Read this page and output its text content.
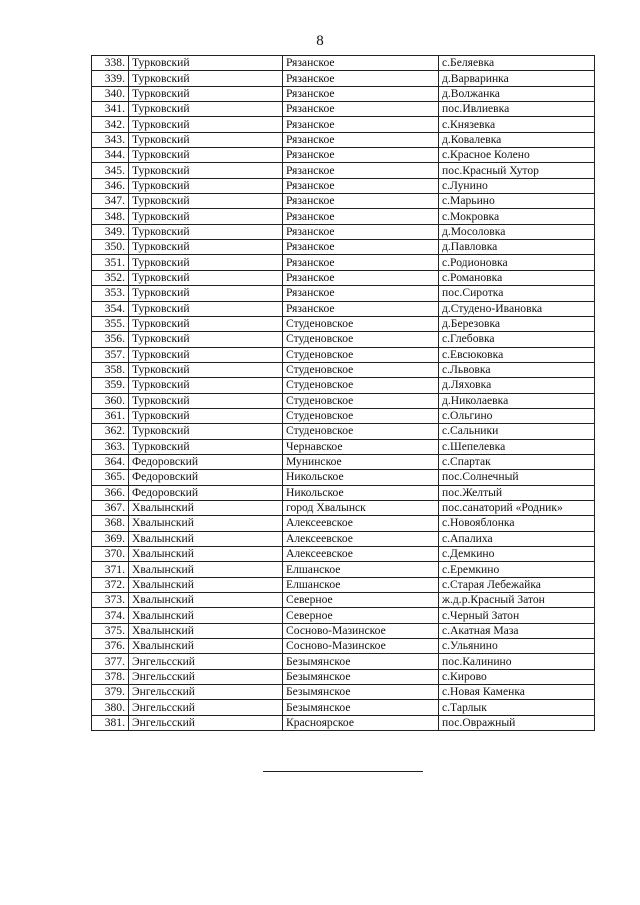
8
338.	Турковский	Рязанское	с.Беляевка
339.	Турковский	Рязанское	д.Варваринка
340.	Турковский	Рязанское	д.Волжанка
341.	Турковский	Рязанское	пос.Ивлиевка
342.	Турковский	Рязанское	с.Князевка
343.	Турковский	Рязанское	д.Ковалевка
344.	Турковский	Рязанское	с.Красное Колено
345.	Турковский	Рязанское	пос.Красный Хутор
346.	Турковский	Рязанское	с.Лунино
347.	Турковский	Рязанское	с.Марьино
348.	Турковский	Рязанское	с.Мокровка
349.	Турковский	Рязанское	д.Мосоловка
350.	Турковский	Рязанское	д.Павловка
351.	Турковский	Рязанское	с.Родионовка
352.	Турковский	Рязанское	с.Романовка
353.	Турковский	Рязанское	пос.Сиротка
354.	Турковский	Рязанское	д.Студено-Ивановка
355.	Турковский	Студеновское	д.Березовка
356.	Турковский	Студеновское	с.Глебовка
357.	Турковский	Студеновское	с.Евсюковка
358.	Турковский	Студеновское	с.Львовка
359.	Турковский	Студеновское	д.Ляховка
360.	Турковский	Студеновское	д.Николаевка
361.	Турковский	Студеновское	с.Ольгино
362.	Турковский	Студеновское	с.Сальники
363.	Турковский	Чернавское	с.Шепелевка
364.	Федоровский	Мунинское	с.Спартак
365.	Федоровский	Никольское	пос.Солнечный
366.	Федоровский	Никольское	пос.Желтый
367.	Хвалынский	город Хвалынск	пос.санаторий «Родник»
368.	Хвалынский	Алексеевское	с.Новояблонка
369.	Хвалынский	Алексеевское	с.Апалиха
370.	Хвалынский	Алексеевское	с.Демкино
371.	Хвалынский	Елшанское	с.Еремкино
372.	Хвалынский	Елшанское	с.Старая Лебежайка
373.	Хвалынский	Северное	ж.д.р.Красный Затон
374.	Хвалынский	Северное	с.Черный Затон
375.	Хвалынский	Сосново-Мазинское	с.Акатная Маза
376.	Хвалынский	Сосново-Мазинское	с.Ульянино
377.	Энгельсский	Безымянское	пос.Калинино
378.	Энгельсский	Безымянское	с.Кирово
379.	Энгельсский	Безымянское	с.Новая Каменка
380.	Энгельсский	Безымянское	с.Тарлык
381.	Энгельсский	Красноярское	пос.Овражный
